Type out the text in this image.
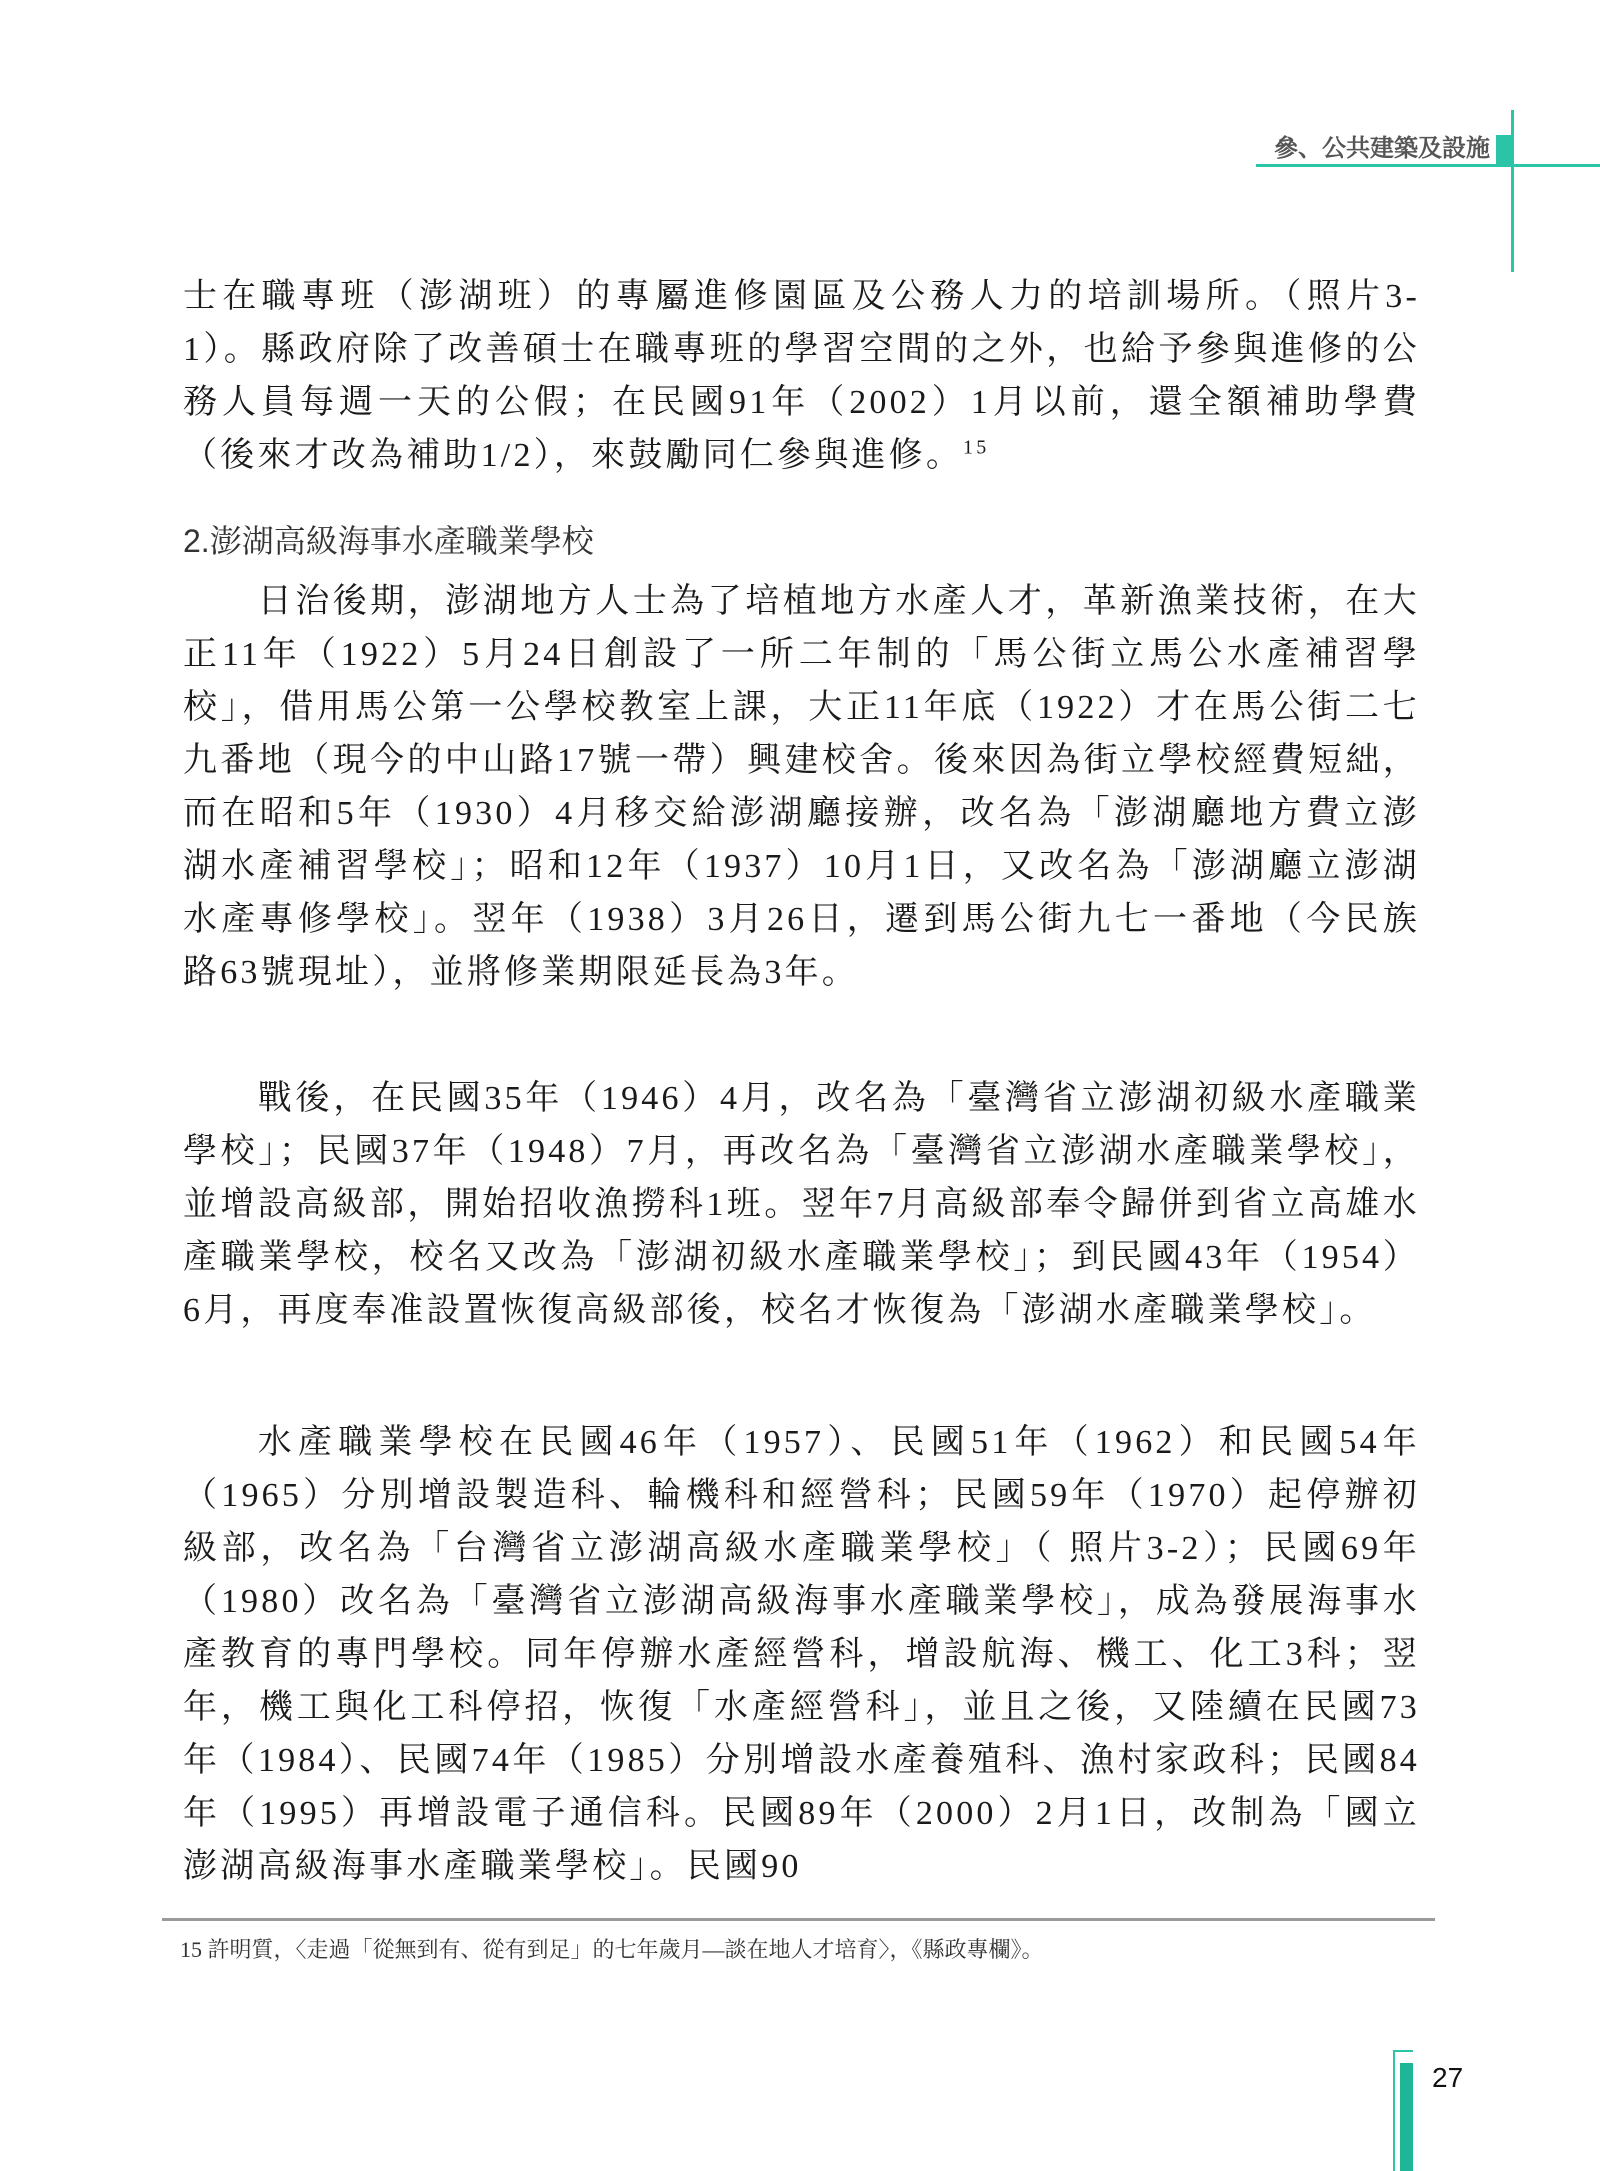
參、公共建築及設施

士在職專班（澎湖班）的專屬進修園區及公務人力的培訓場所。（照片3-1）。縣政府除了改善碩士在職專班的學習空間的之外，也給予參與進修的公務人員每週一天的公假；在民國91年（2002）1月以前，還全額補助學費（後來才改為補助1/2），來鼓勵同仁參與進修。$^{15}$

2.澎湖高級海事水產職業學校

日治後期，澎湖地方人士為了培植地方水產人才，革新漁業技術，在大正11年（1922）5月24日創設了一所二年制的「馬公街立馬公水產補習學校」，借用馬公第一公學校教室上課，大正11年底（1922）才在馬公街二七九番地（現今的中山路17號一帶）興建校舍。後來因為街立學校經費短絀，而在昭和5年（1930）4月移交給澎湖廳接辦，改名為「澎湖廳地方費立澎湖水產補習學校」；昭和12年（1937）10月1日，又改名為「澎湖廳立澎湖水產專修學校」。翌年（1938）3月26日，遷到馬公街九七一番地（今民族路63號現址），並將修業期限延長為3年。

戰後，在民國35年（1946）4月，改名為「臺灣省立澎湖初級水產職業學校」；民國37年（1948）7月，再改名為「臺灣省立澎湖水產職業學校」，並增設高級部，開始招收漁撈科1班。翌年7月高級部奉令歸併到省立高雄水產職業學校，校名又改為「澎湖初級水產職業學校」；到民國43年（1954）6月，再度奉准設置恢復高級部後，校名才恢復為「澎湖水產職業學校」。

水產職業學校在民國46年（1957）、民國51年（1962）和民國54年（1965）分別增設製造科、輪機科和經營科；民國59年（1970）起停辦初級部，改名為「台灣省立澎湖高級水產職業學校」（ 照片3-2）；民國69年（1980）改名為「臺灣省立澎湖高級海事水產職業學校」，成為發展海事水產教育的專門學校。同年停辦水產經營科，增設航海、機工、化工3科；翌年，機工與化工科停招，恢復「水產經營科」，並且之後，又陸續在民國73年（1984）、民國74年（1985）分別增設水產養殖科、漁村家政科；民國84年（1995）再增設電子通信科。民國89年（2000）2月1日，改制為「國立澎湖高級海事水產職業學校」。民國90

15 許明質，〈走過「從無到有、從有到足」的七年歲月—談在地人才培育〉，《縣政專欄》。
27
